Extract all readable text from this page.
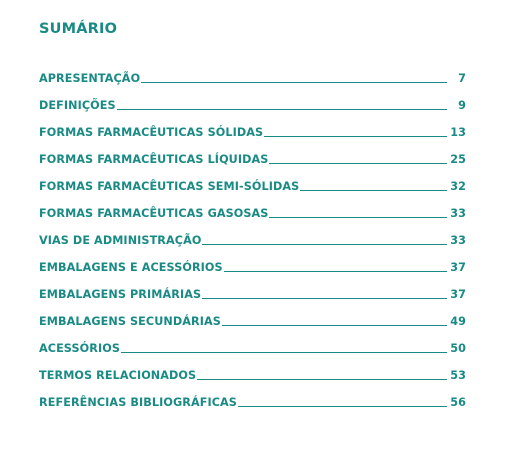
SUMÁRIO
APRESENTAÇÃO	7
DEFINIÇÕES	9
FORMAS FARMACÊUTICAS SÓLIDAS	13
FORMAS FARMACÊUTICAS LÍQUIDAS	25
FORMAS FARMACÊUTICAS SEMI-SÓLIDAS	32
FORMAS FARMACÊUTICAS GASOSAS	33
VIAS DE ADMINISTRAÇÃO	33
EMBALAGENS E ACESSÓRIOS	37
EMBALAGENS PRIMÁRIAS	37
EMBALAGENS SECUNDÁRIAS	49
ACESSÓRIOS	50
TERMOS RELACIONADOS	53
REFERÊNCIAS BIBLIOGRÁFICAS	56
